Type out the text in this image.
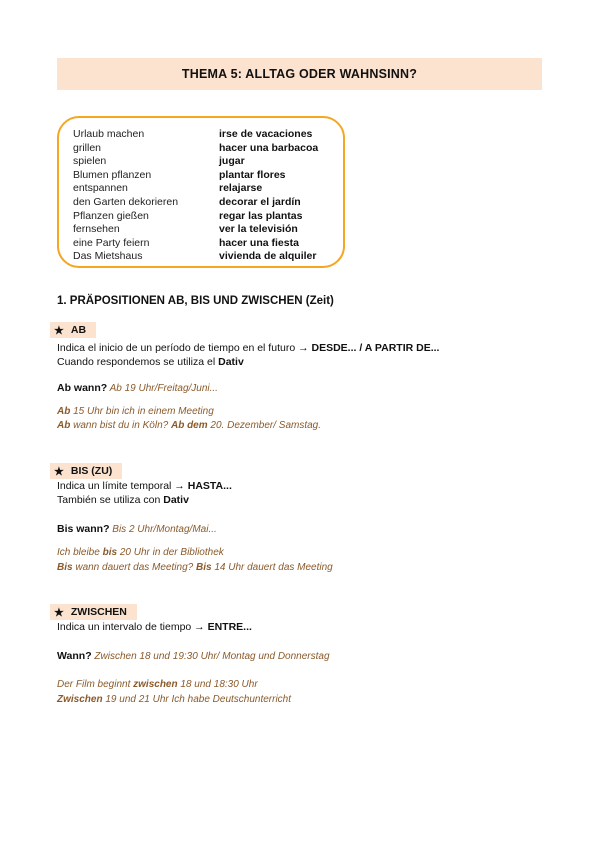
THEMA 5: ALLTAG ODER WAHNSINN?
Urlaub machen	irse de vacaciones
grillen	hacer una barbacoa
spielen	jugar
Blumen pflanzen	plantar flores
entspannen	relajarse
den Garten dekorieren	decorar el jardín
Pflanzen gießen	regar las plantas
fernsehen	ver la televisión
eine Party feiern	hacer una fiesta
Das Mietshaus	vivienda de alquiler
1. PRÄPOSITIONEN AB, BIS UND ZWISCHEN (Zeit)
★ AB
Indica el inicio de un período de tiempo en el futuro → DESDE... / A PARTIR DE...
Cuando respondemos se utiliza el Dativ
Ab wann? Ab 19 Uhr/Freitag/Juni...
Ab 15 Uhr bin ich in einem Meeting
Ab wann bist du in Köln? Ab dem 20. Dezember/ Samstag.
★ BIS (ZU)
Indica un límite temporal → HASTA...
También se utiliza con Dativ
Bis wann? Bis 2 Uhr/Montag/Mai...
Ich bleibe bis 20 Uhr in der Bibliothek
Bis wann dauert das Meeting? Bis 14 Uhr dauert das Meeting
★ ZWISCHEN
Indica un intervalo de tiempo → ENTRE...
Wann? Zwischen 18 und 19:30 Uhr/ Montag und Donnerstag
Der Film beginnt zwischen 18 und 18:30 Uhr
Zwischen 19 und 21 Uhr Ich habe Deutschunterricht
